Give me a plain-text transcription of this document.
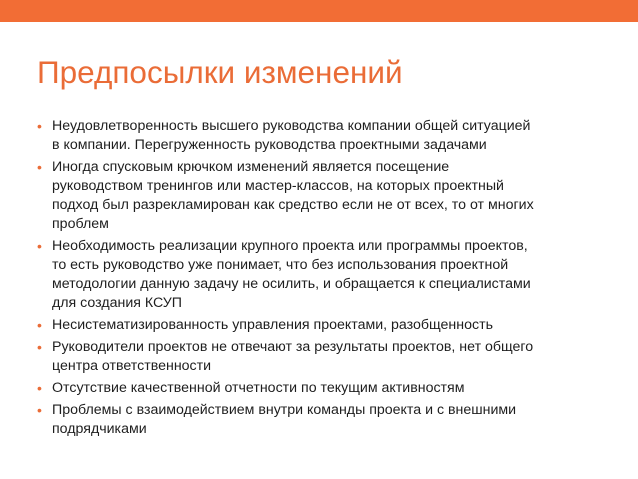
Предпосылки изменений
• Неудовлетворенность высшего руководства компании общей ситуацией
в компании. Перегруженность руководства проектными задачами
• Иногда спусковым крючком изменений является посещение
руководством тренингов или мастер-классов, на которых проектный
подход был разрекламирован как средство если не от всех, то от многих
проблем
• Необходимость реализации крупного проекта или программы проектов,
то есть руководство уже понимает, что без использования проектной
методологии данную задачу не осилить, и обращается к специалистами
для создания КСУП
• Несистематизированность управления проектами, разобщенность
• Руководители проектов не отвечают за результаты проектов, нет общего
центра ответственности
• Отсутствие качественной отчетности по текущим активностям
• Проблемы с взаимодействием внутри команды проекта и с внешними
подрядчиками
